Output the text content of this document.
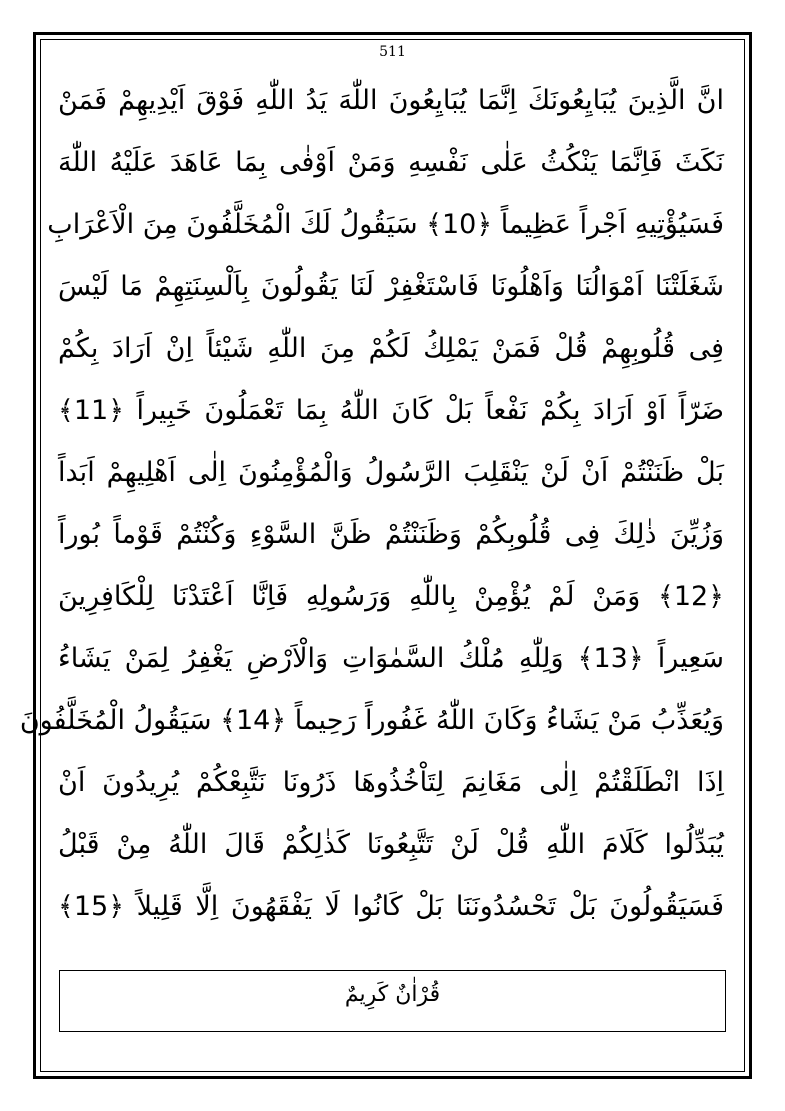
511
انَّ الَّذِينَ يُبَايِعُونَكَ اِنَّمَا يُبَايِعُونَ اللّٰهَ يَدُ اللّٰهِ فَوْقَ اَيْدِيهِمْ فَمَنْ
نَكَثَ فَاِنَّمَا يَنْكُثُ عَلٰى نَفْسِهِ وَمَنْ اَوْفٰى بِمَا عَاهَدَ عَلَيْهُ اللّٰهَ
فَسَيُؤْتِيهِ اَجْراً عَظِيماً ﴿10﴾ سَيَقُولُ لَكَ الْمُخَلَّفُونَ مِنَ الْاَعْرَابِ
شَغَلَتْنَا اَمْوَالُنَا وَاَهْلُونَا فَاسْتَغْفِرْ لَنَا يَقُولُونَ بِاَلْسِنَتِهِمْ مَا لَيْسَ
فِى قُلُوبِهِمْ قُلْ فَمَنْ يَمْلِكُ لَكُمْ مِنَ اللّٰهِ شَيْئاً اِنْ اَرَادَ بِكُمْ
ضَرّاً اَوْ اَرَادَ بِكُمْ نَفْعاً بَلْ كَانَ اللّٰهُ بِمَا تَعْمَلُونَ خَبِيراً ﴿11﴾
بَلْ ظَنَنْتُمْ اَنْ لَنْ يَنْقَلِبَ الرَّسُولُ وَالْمُؤْمِنُونَ اِلٰى اَهْلِيهِمْ اَبَداً
وَزُيِّنَ ذٰلِكَ فِى قُلُوبِكُمْ وَظَنَنْتُمْ ظَنَّ السَّوْءِ وَكُنْتُمْ قَوْماً بُوراً
﴿12﴾ وَمَنْ لَمْ يُؤْمِنْ بِاللّٰهِ وَرَسُولِهِ فَاِنَّا اَعْتَدْنَا لِلْكَافِرِينَ
سَعِيراً ﴿13﴾ وَلِلّٰهِ مُلْكُ السَّمٰوَاتِ وَالْاَرْضِ يَغْفِرُ لِمَنْ يَشَاءُ
وَيُعَذِّبُ مَنْ يَشَاءُ وَكَانَ اللّٰهُ غَفُوراً رَحِيماً ﴿14﴾ سَيَقُولُ الْمُخَلَّفُونَ
اِذَا انْطَلَقْتُمْ اِلٰى مَغَانِمَ لِتَاْخُذُوهَا ذَرُونَا نَتَّبِعْكُمْ يُرِيدُونَ اَنْ
يُبَدِّلُوا كَلَامَ اللّٰهِ قُلْ لَنْ تَتَّبِعُونَا كَذٰلِكُمْ قَالَ اللّٰهُ مِنْ قَبْلُ
فَسَيَقُولُونَ بَلْ تَحْسُدُونَنَا بَلْ كَانُوا لَا يَفْقَهُونَ اِلَّا قَلِيلاً ﴿15﴾
قُرْاٰنٌ كَرِيمٌ
